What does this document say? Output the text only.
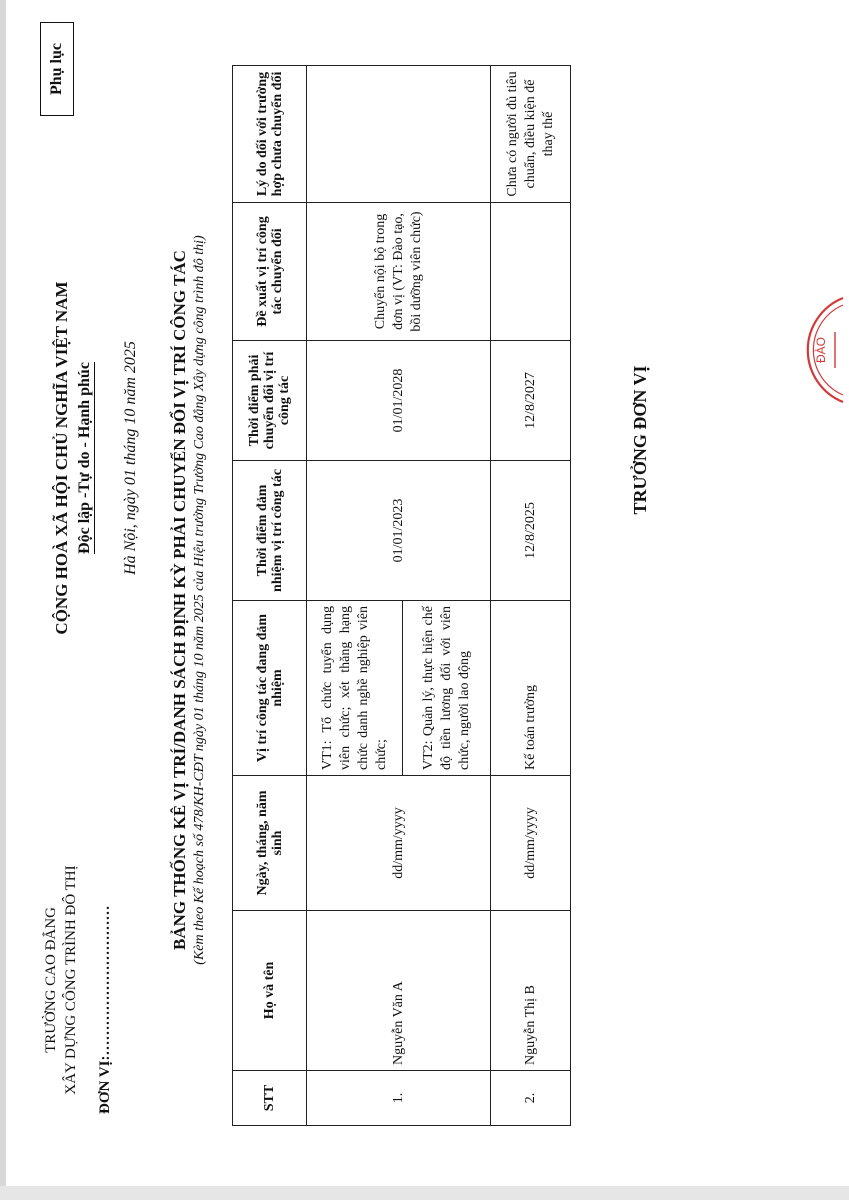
TRƯỜNG CAO ĐẲNG XÂY DỰNG CÔNG TRÌNH ĐÔ THỊ ĐƠN VỊ:…………………………
CỘNG HOÀ XÃ HỘI CHỦ NGHĨA VIỆT NAM Độc lập -Tự do - Hạnh phúc Hà Nội, ngày 01 tháng 10 năm 2025
Phụ lục
BẢNG THỐNG KÊ VỊ TRÍ/DANH SÁCH ĐỊNH KỲ PHẢI CHUYỂN ĐỔI VỊ TRÍ CÔNG TÁC (Kèm theo Kế hoạch số 478/KH-CĐT ngày 01 tháng 10 năm 2025 của Hiệu trưởng Trường Cao đẳng Xây dựng công trình đô thị)
STT	Họ và tên	Ngày, tháng, năm sinh	Vị trí công tác đang đảm nhiệm	Thời điểm đảm nhiệm vị trí công tác	Thời điểm phải chuyển đổi vị trí công tác	Đề xuất vị trí công tác chuyển đổi	Lý do đối với trường hợp chưa chuyển đổi
1.	Nguyễn Văn A	dd/mm/yyyy	VT1: Tổ chức tuyển dụng viên chức; xét thăng hạng chức danh nghề nghiệp viên chức;	01/01/2023	01/01/2028	Chuyển nội bộ trong đơn vị (VT: Đào tạo, bồi dưỡng viên chức)	
			VT2: Quản lý, thực hiện chế độ tiền lương đối với viên chức, người lao động				
2.	Nguyễn Thị B	dd/mm/yyyy	Kế toán trưởng	12/8/2025	12/8/2027		Chưa có người đủ tiêu chuẩn, điều kiện để thay thế
TRƯỞNG ĐƠN VỊ
ĐÀO
